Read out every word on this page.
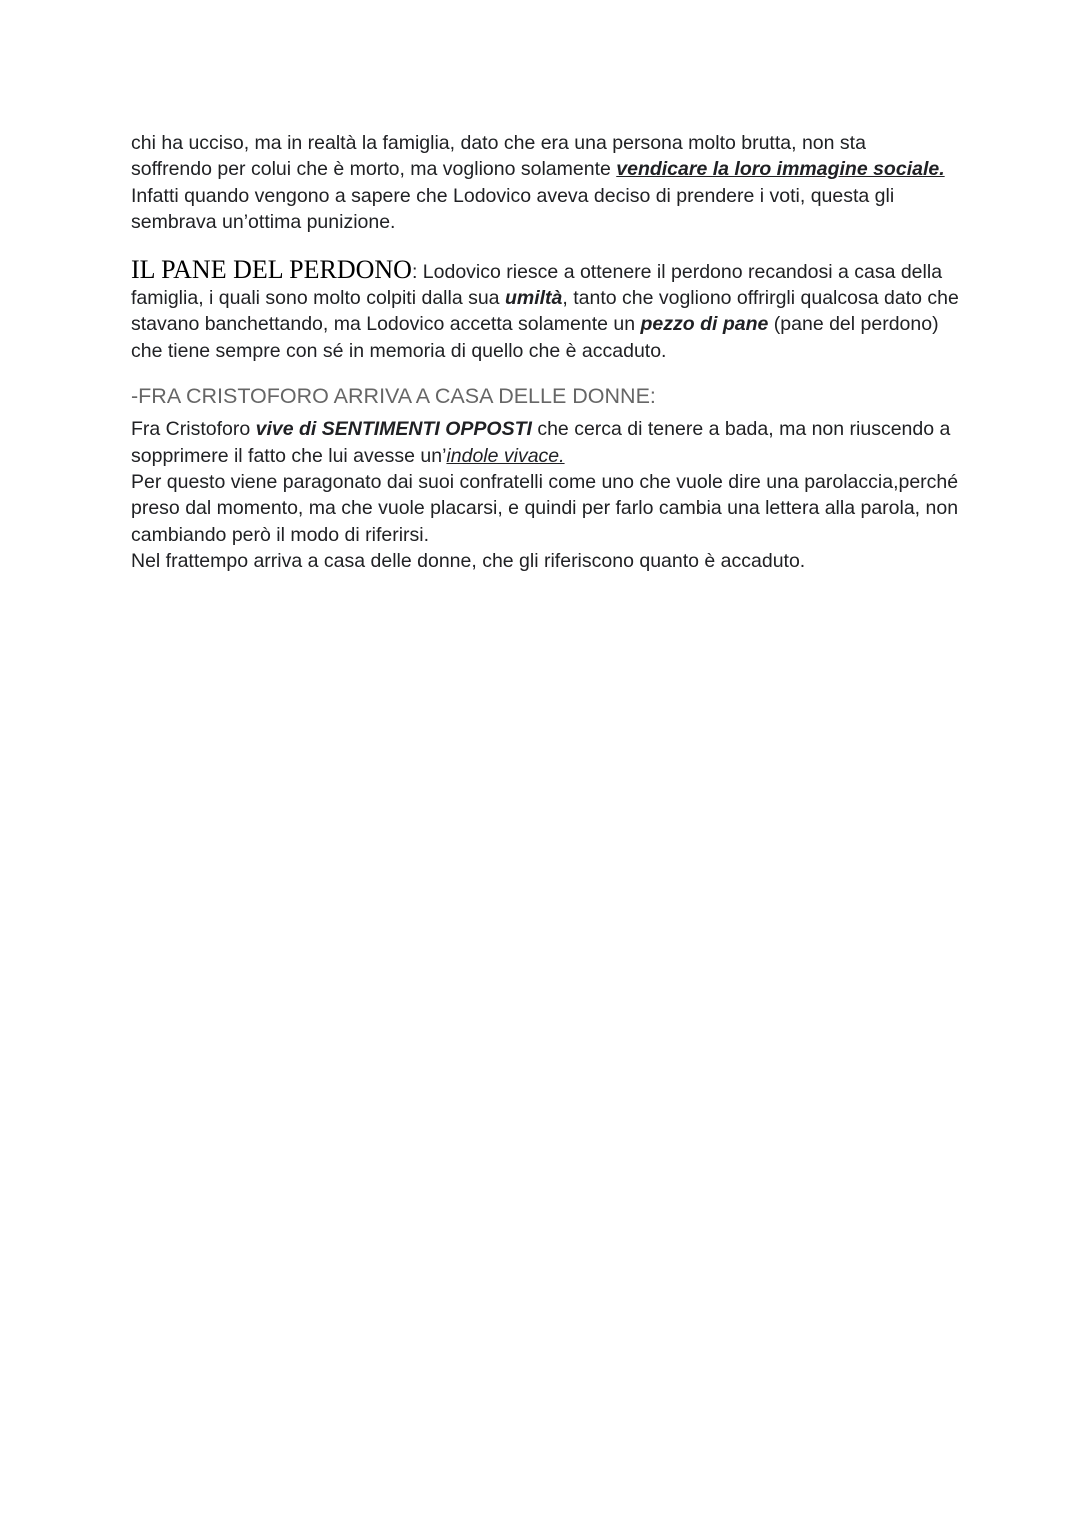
chi ha ucciso, ma in realtà la famiglia, dato che era una persona molto brutta, non sta
soffrendo per colui che è morto, ma vogliono solamente vendicare la loro immagine sociale.

Infatti quando vengono a sapere che Lodovico aveva deciso di prendere i voti, questa gli sembrava un’ottima punizione.

IL PANE DEL PERDONO: Lodovico riesce a ottenere il perdono recandosi a casa della famiglia, i quali sono molto colpiti dalla sua umiltà, tanto che vogliono offrirgli qualcosa dato che stavano banchettando, ma Lodovico accetta solamente un pezzo di pane (pane del perdono) che tiene sempre con sé in memoria di quello che è accaduto.

-FRA CRISTOFORO ARRIVA A CASA DELLE DONNE:

Fra Cristoforo vive di SENTIMENTI OPPOSTI che cerca di tenere a bada, ma non riuscendo a sopprimere il fatto che lui avesse un’indole vivace.
Per questo viene paragonato dai suoi confratelli come uno che vuole dire una parolaccia,perché preso dal momento, ma che vuole placarsi, e quindi per farlo cambia una lettera alla parola, non cambiando però il modo di riferirsi.
Nel frattempo arriva a casa delle donne, che gli riferiscono quanto è accaduto.
